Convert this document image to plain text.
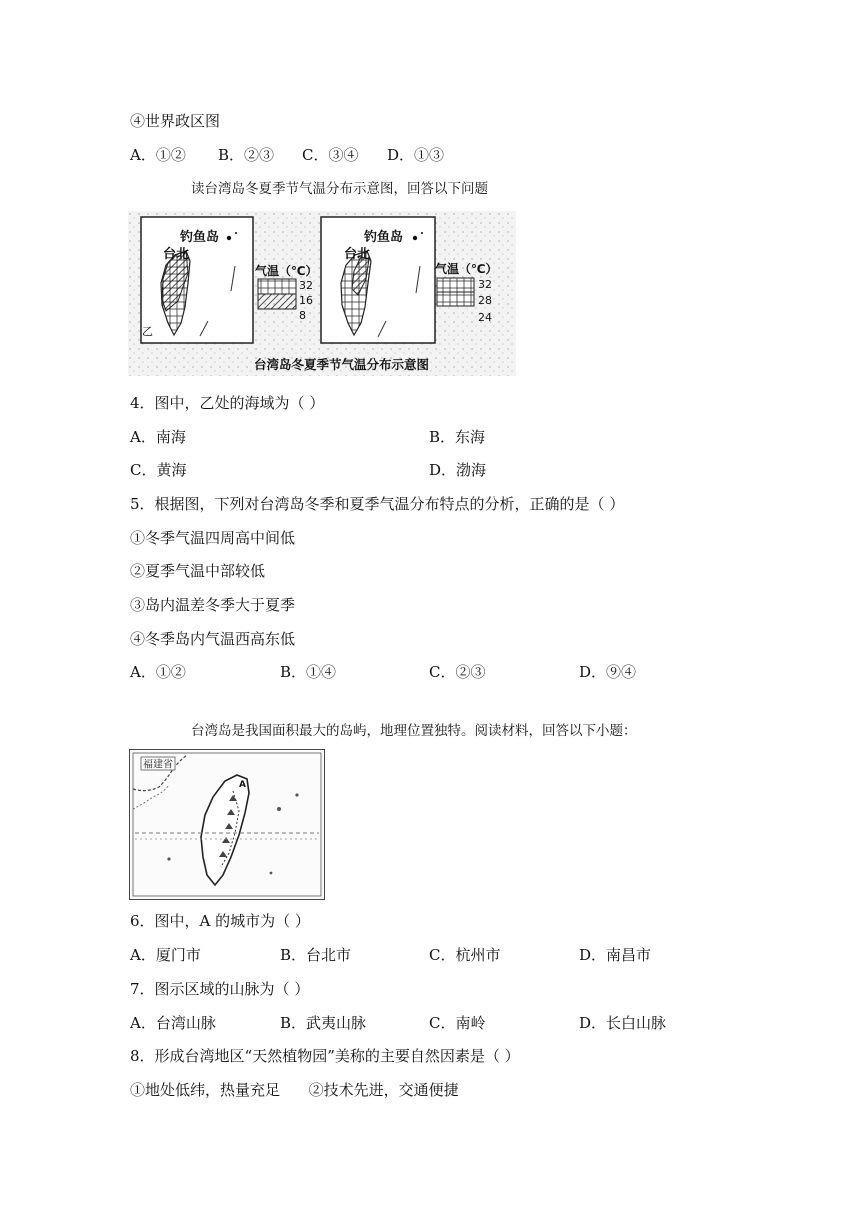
④世界政区图
A．①② B．②③ C．③④ D．①③
读台湾岛冬夏季节气温分布示意图，回答以下问题
钓鱼岛
台北
乙
气温（℃）
32
16
8
钓鱼岛
台北
气温（℃）
32
28
24
台湾岛冬夏季节气温分布示意图
4．图中，乙处的海域为（ ）
A．南海	B．东海
C．黄海	D．渤海
5．根据图，下列对台湾岛冬季和夏季气温分布特点的分析，正确的是（ ）
①冬季气温四周高中间低
②夏季气温中部较低
③岛内温差冬季大于夏季
④冬季岛内气温西高东低
A．①②	B．①④	C．②③	D．⑨④
台湾岛是我国面积最大的岛屿，地理位置独特。阅读材料，回答以下小题：
福建省
A
6．图中，A 的城市为（ ）
A．厦门市	B．台北市	C．杭州市	D．南昌市
7．图示区域的山脉为（ ）
A．台湾山脉	B．武夷山脉	C．南岭	D．长白山脉
8．形成台湾地区“天然植物园”美称的主要自然因素是（ ）
①地处低纬，热量充足      ②技术先进，交通便捷
